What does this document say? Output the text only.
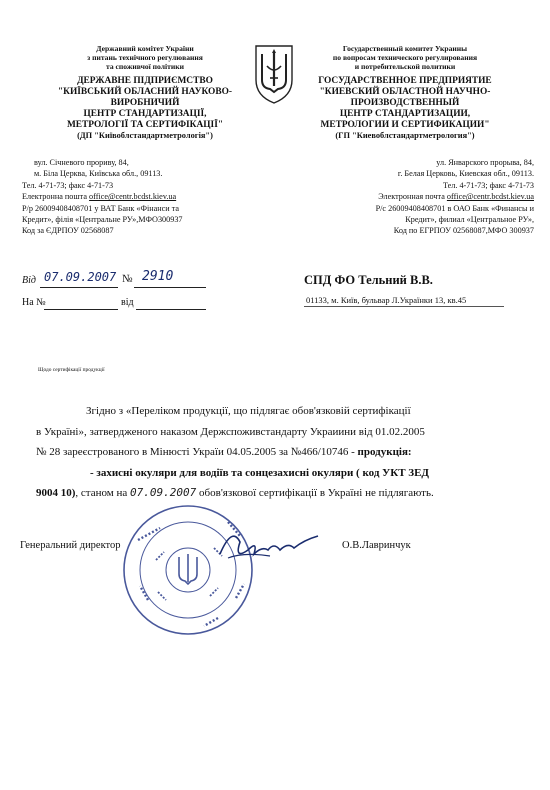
Державний комітет України
з питань технічного регулювання
та споживчої політики
ДЕРЖАВНЕ ПІДПРИЄМСТВО
"КИЇВСЬКИЙ ОБЛАСНИЙ НАУКОВО-
ВИРОБНИЧИЙ
ЦЕНТР СТАНДАРТИЗАЦІЇ,
МЕТРОЛОГІЇ ТА СЕРТИФІКАЦІЇ"
(ДП "Київоблстандартметрологія")
Государственный комитет Украины
по вопросам технического регулирования
и потребительской политики
ГОСУДАРСТВЕННОЕ ПРЕДПРИЯТИЕ
"КИЕВСКИЙ ОБЛАСТНОЙ НАУЧНО-
ПРОИЗВОДСТВЕННЫЙ
ЦЕНТР СТАНДАРТИЗАЦИИ,
МЕТРОЛОГИИ И СЕРТИФИКАЦИИ"
(ГП "Киевоблстандартметрология")
вул. Січневого прориву, 84,
м. Біла Церква, Київська обл., 09113.
Тел. 4-71-73; факс 4-71-73
Електронна пошта office@centr.bcdst.kiev.ua
Р/р 26009408408701 у ВАТ Банк «Фінанси та
Кредит», філія «Центральне РУ»,МФО300937
Код за ЄДРПОУ 02568087
ул. Январского прорыва, 84,
г. Белая Церковь, Киевская обл., 09113.
Тел. 4-71-73; факс 4-71-73
Электронная почта office@centr.bcdst.kiev.ua
Р/с 26009408408701 в ОАО Банк «Финансы и
Кредит», филиал «Центральное РУ»,
Код по ЕГРПОУ 02568087,МФО 300937
Від 07.09.2007 № 2910
На №	від
СПД ФО Тельний В.В.
01133, м. Київ, бульвар Л.Українки 13, кв.45
Щодо сертифікації продукції
Згідно з «Переліком продукції, що підлягає обов'язковій сертифікації
в Україні», затвердженого наказом Держспоживстандарту Украиини від 01.02.2005
№ 28 зареєстрованого в Мінюсті Україи 04.05.2005 за №466/10746 - продукція:
- захисні окуляри для водіїв та сонцезахисні окуляри ( код УКТ ЗЕД
9004 10), станом на 07.09.2007 обов'язкової сертифікації в Україні не підлягають.
Генеральний директор	О.В.Лавринчук
